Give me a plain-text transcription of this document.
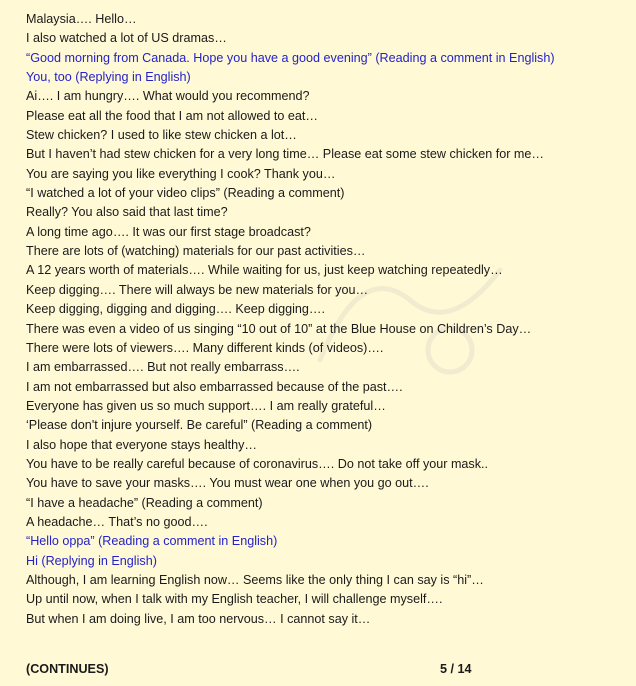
Malaysia…. Hello…
I also watched a lot of US dramas…
“Good morning from Canada. Hope you have a good evening” (Reading a comment in English)
You, too (Replying in English)
Ai…. I am hungry…. What would you recommend?
Please eat all the food that I am not allowed to eat…
Stew chicken? I used to like stew chicken a lot…
But I haven’t had stew chicken for a very long time… Please eat some stew chicken for me…
You are saying you like everything I cook? Thank you…
“I watched a lot of your video clips” (Reading a comment)
Really? You also said that last time?
A long time ago…. It was our first stage broadcast?
There are lots of (watching) materials for our past activities…
A 12 years worth of materials…. While waiting for us, just keep watching repeatedly…
Keep digging…. There will always be new materials for you…
Keep digging, digging and digging…. Keep digging….
There was even a video of us singing “10 out of 10” at the Blue House on Children’s Day…
There were lots of viewers…. Many different kinds (of videos)….
I am embarrassed…. But not really embarrass….
I am not embarrassed but also embarrassed because of the past….
Everyone has given us so much support…. I am really grateful…
‘Please don't injure yourself. Be careful” (Reading a comment)
I also hope that everyone stays healthy…
You have to be really careful because of coronavirus…. Do not take off your mask..
You have to save your masks…. You must wear one when you go out….
“I have a headache” (Reading a comment)
A headache… That’s no good….
“Hello oppa” (Reading a comment in English)
Hi (Replying in English)
Although, I am learning English now… Seems like the only thing I can say is “hi”…
Up until now, when I talk with my English teacher, I will challenge myself….
But when I am doing live, I am too nervous… I cannot say it…
(CONTINUES)	5 / 14
